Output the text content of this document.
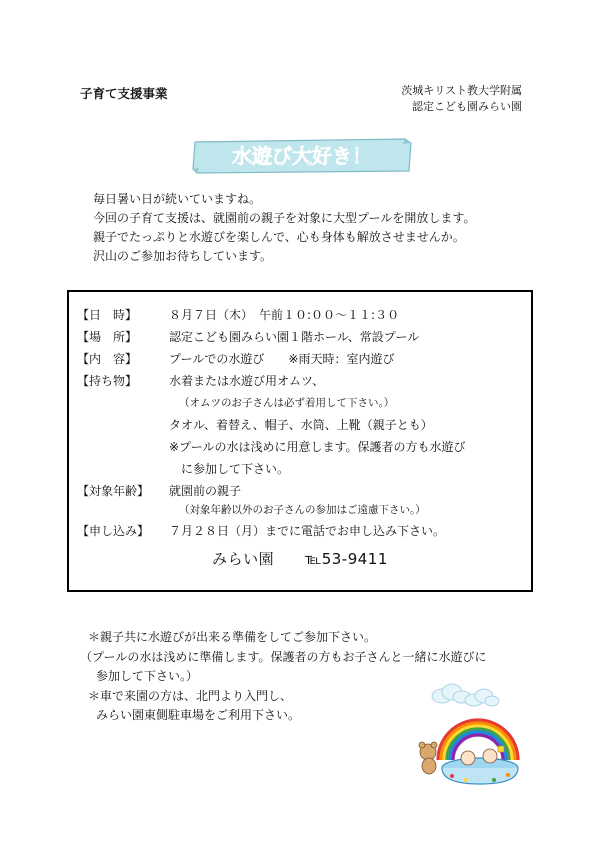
子育て支援事業	茨城キリスト教大学附属
認定こども園みらい園
水遊び大好き！
毎日暑い日が続いていますね。
今回の子育て支援は、就園前の親子を対象に大型プールを開放します。
親子でたっぷりと水遊びを楽しんで、心も身体も解放させませんか。
沢山のご参加お待ちしています。
【日　時】	８月７日（木）　午前１０:００～１１:３０
【場　所】	認定こども園みらい園１階ホール、常設プール
【内　容】	プールでの水遊び　　※雨天時：室内遊び
【持ち物】	水着または水遊び用オムツ、
（オムツのお子さんは必ず着用して下さい。）
タオル、着替え、帽子、水筒、上靴（親子とも）
※プールの水は浅めに用意します。保護者の方も水遊び
に参加して下さい。
【対象年齢】 就園前の親子
（対象年齢以外のお子さんの参加はご遠慮下さい。）
【申し込み】 ７月２８日（月）までに電話でお申し込み下さい。
みらい園　　℡53-9411
＊親子共に水遊びが出来る準備をしてご参加下さい。
（プールの水は浅めに準備します。保護者の方もお子さんと一緒に水遊びに
参加して下さい。）
＊車で来園の方は、北門より入門し、
みらい園東側駐車場をご利用下さい。
